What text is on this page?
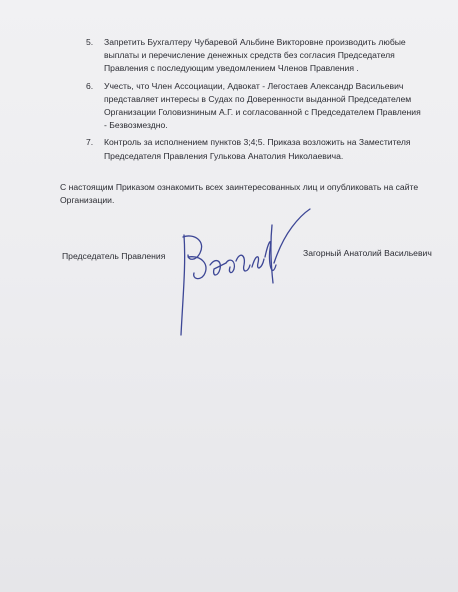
5.	Запретить Бухгалтеру Чубаревой Альбине Викторовне производить любые
выплаты и перечисление денежных средств без согласия Председателя
Правления с последующим уведомлением Членов Правления .
6.	Учесть, что Член Ассоциации, Адвокат - Легостаев Александр Васильевич
представляет интересы в Судах по Доверенности выданной Председателем
Организации Головизниным А.Г. и согласованной с Председателем Правления
- Безвозмездно.
7.	Контроль за исполнением пунктов 3;4;5. Приказа возложить на Заместителя
Председателя Правления Гулькова Анатолия Николаевича.
С настоящим Приказом ознакомить всех заинтересованных лиц и опубликовать на сайте
Организации.
Председатель Правления	Загорный Анатолий Васильевич
